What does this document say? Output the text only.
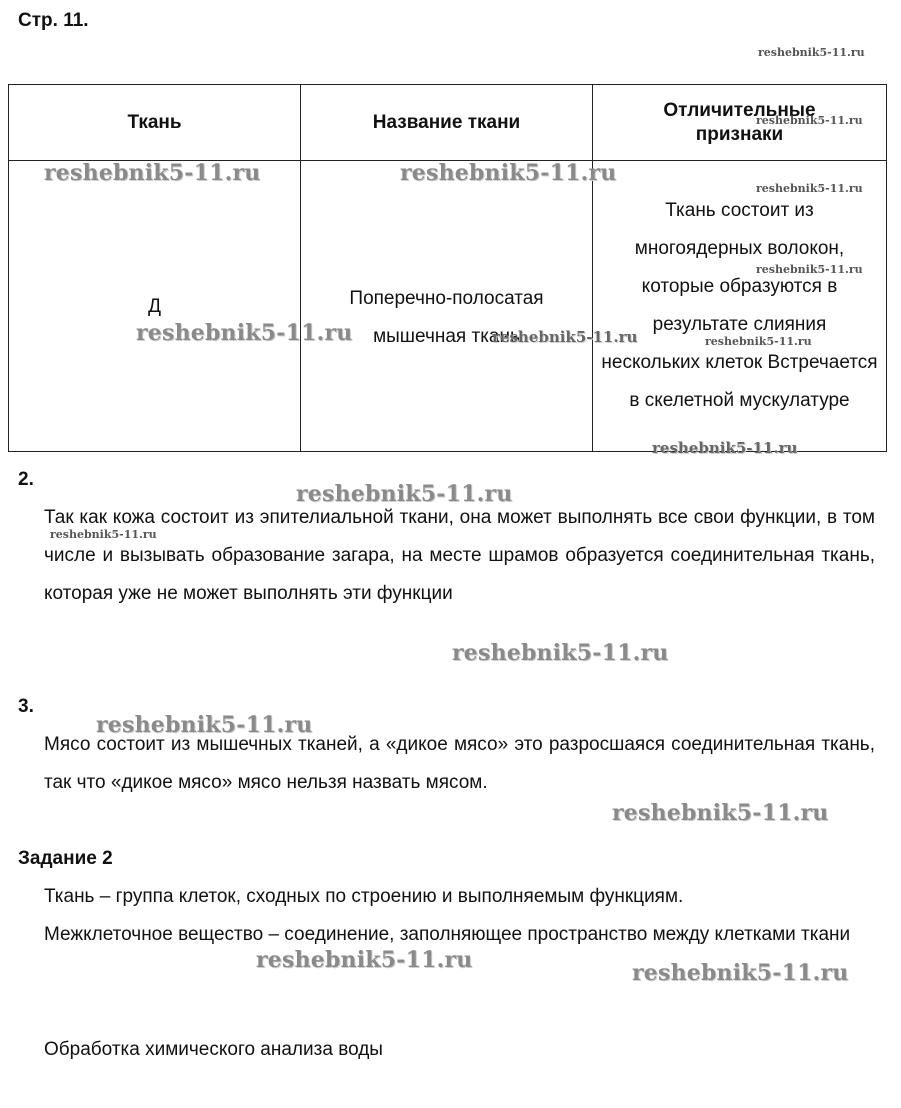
Стр. 11.
Ткань	Название ткани	Отличительные признаки
Д	Поперечно-полосатая мышечная ткань	Ткань состоит из многоядерных волокон, которые образуются в результате слияния нескольких клеток Встречается в скелетной мускулатуре
2.
Так как кожа состоит из эпителиальной ткани, она может выполнять все свои функции, в том числе и вызывать образование загара, на месте шрамов образуется соединительная ткань, которая уже не может выполнять эти функции
3.
Мясо состоит из мышечных тканей, а «дикое мясо» это разросшаяся соединительная ткань, так что «дикое мясо» мясо нельзя назвать мясом.
Задание 2
Ткань – группа клеток, сходных по строению и выполняемым функциям.
Межклеточное вещество – соединение, заполняющее пространство между клетками ткани
Обработка химического анализа воды
reshebnik5-11.ru
reshebnik5-11.ru
reshebnik5-11.ru	reshebnik5-11.ru
reshebnik5-11.ru
reshebnik5-11.ru
reshebnik5-11.ru	reshebnik5-11.ru	reshebnik5-11.ru
reshebnik5-11.ru
reshebnik5-11.ru
reshebnik5-11.ru
reshebnik5-11.ru
reshebnik5-11.ru
reshebnik5-11.ru
reshebnik5-11.ru	reshebnik5-11.ru
